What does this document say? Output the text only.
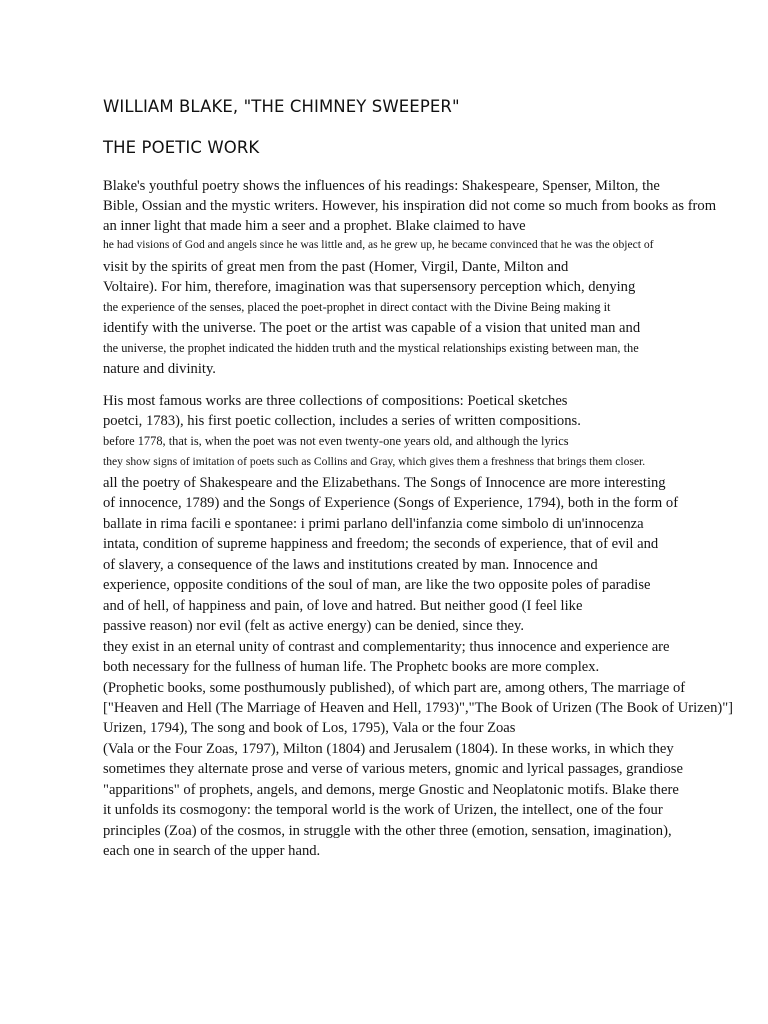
WILLIAM BLAKE, "THE CHIMNEY SWEEPER"
THE POETIC WORK
Blake's youthful poetry shows the influences of his readings: Shakespeare, Spenser, Milton, the
Bible, Ossian and the mystic writers. However, his inspiration did not come so much from books as from
an inner light that made him a seer and a prophet. Blake claimed to have
he had visions of God and angels since he was little and, as he grew up, he became convinced that he was the object of
visit by the spirits of great men from the past (Homer, Virgil, Dante, Milton and
Voltaire). For him, therefore, imagination was that supersensory perception which, denying
the experience of the senses, placed the poet-prophet in direct contact with the Divine Being making it
identify with the universe. The poet or the artist was capable of a vision that united man and
the universe, the prophet indicated the hidden truth and the mystical relationships existing between man, the
nature and divinity.
His most famous works are three collections of compositions: Poetical sketches
poetci, 1783), his first poetic collection, includes a series of written compositions.
before 1778, that is, when the poet was not even twenty-one years old, and although the lyrics
they show signs of imitation of poets such as Collins and Gray, which gives them a freshness that brings them closer.
all the poetry of Shakespeare and the Elizabethans. The Songs of Innocence are more interesting
of innocence, 1789) and the Songs of Experience (Songs of Experience, 1794), both in the form of
ballate in rima facili e spontanee: i primi parlano dell'infanzia come simbolo di un'innocenza
intata, condition of supreme happiness and freedom; the seconds of experience, that of evil and
of slavery, a consequence of the laws and institutions created by man. Innocence and
experience, opposite conditions of the soul of man, are like the two opposite poles of paradise
and of hell, of happiness and pain, of love and hatred. But neither good (I feel like
passive reason) nor evil (felt as active energy) can be denied, since they.
they exist in an eternal unity of contrast and complementarity; thus innocence and experience are
both necessary for the fullness of human life. The Prophetc books are more complex.
(Prophetic books, some posthumously published), of which part are, among others, The marriage of
["Heaven and Hell (The Marriage of Heaven and Hell, 1793)","The Book of Urizen (The Book of Urizen)"]
Urizen, 1794), The song and book of Los, 1795), Vala or the four Zoas
(Vala or the Four Zoas, 1797), Milton (1804) and Jerusalem (1804). In these works, in which they
sometimes they alternate prose and verse of various meters, gnomic and lyrical passages, grandiose
"apparitions" of prophets, angels, and demons, merge Gnostic and Neoplatonic motifs. Blake there
it unfolds its cosmogony: the temporal world is the work of Urizen, the intellect, one of the four
principles (Zoa) of the cosmos, in struggle with the other three (emotion, sensation, imagination),
each one in search of the upper hand.
